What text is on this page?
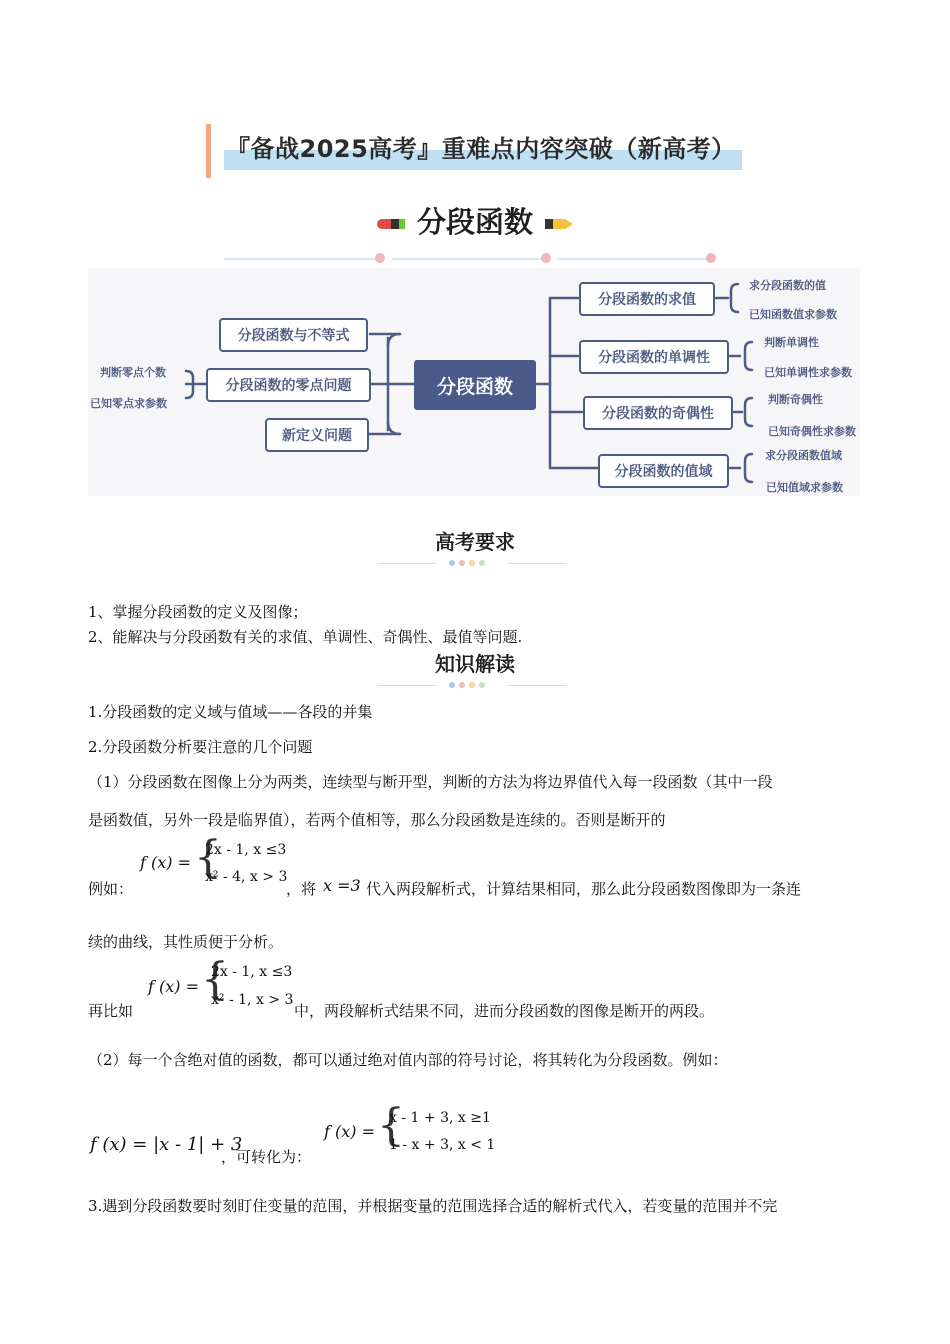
『备战2025高考』重难点内容突破（新高考）
分段函数
分段函数
分段函数与不等式
分段函数的零点问题
新定义问题
判断零点个数
已知零点求参数
分段函数的求值
分段函数的单调性
分段函数的奇偶性
分段函数的值域
求分段函数的值
已知函数值求参数
判断单调性
已知单调性求参数
判断奇偶性
已知奇偶性求参数
求分段函数值域
已知值域求参数
高考要求
1、掌握分段函数的定义及图像；
2、能解决与分段函数有关的求值、单调性、奇偶性、最值等问题.
知识解读
1.分段函数的定义域与值域——各段的并集
2.分段函数分析要注意的几个问题
（1）分段函数在图像上分为两类，连续型与断开型，判断的方法为将边界值代入每一段函数（其中一段
是函数值，另外一段是临界值），若两个值相等，那么分段函数是连续的。否则是断开的
例如：
f (x) = {
2x - 1, x ≤3
x² - 4, x > 3
，将 x =3 代入两段解析式，计算结果相同，那么此分段函数图像即为一条连
续的曲线，其性质便于分析。
再比如
f (x) = {
2x - 1, x ≤3
x² - 1, x > 3
中，两段解析式结果不同，进而分段函数的图像是断开的两段。
（2）每一个含绝对值的函数，都可以通过绝对值内部的符号讨论，将其转化为分段函数。例如：
f (x) = |x - 1| + 3
，可转化为：
f (x) = {
x - 1 + 3, x ≥1
1 - x + 3, x < 1
3.遇到分段函数要时刻盯住变量的范围，并根据变量的范围选择合适的解析式代入，若变量的范围并不完
